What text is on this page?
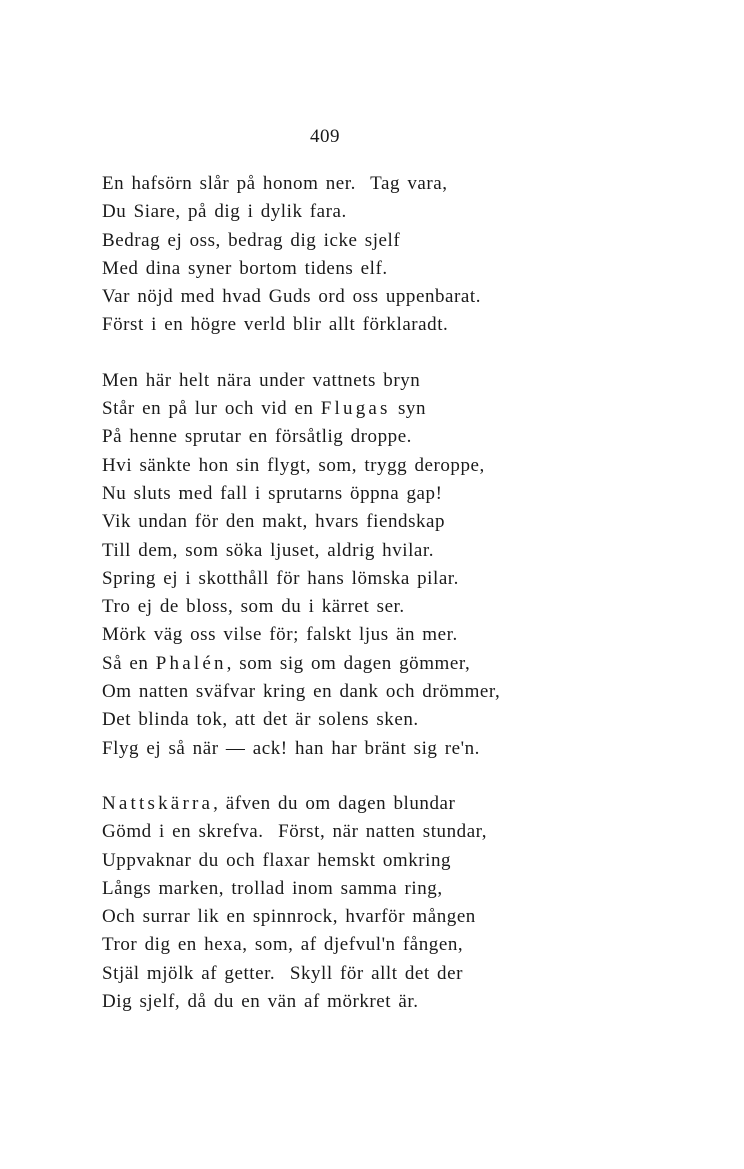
409
En hafsörn slår på honom ner.  Tag vara,
Du Siare, på dig i dylik fara.
Bedrag ej oss, bedrag dig icke sjelf
Med dina syner bortom tidens elf.
Var nöjd med hvad Guds ord oss uppenbarat.
Först i en högre verld blir allt förklaradt.
Men här helt nära under vattnets bryn
Står en på lur och vid en Flugas syn
På henne sprutar en försåtlig droppe.
Hvi sänkte hon sin flygt, som, trygg deroppe,
Nu sluts med fall i sprutarns öppna gap!
Vik undan för den makt, hvars fiendskap
Till dem, som söka ljuset, aldrig hvilar.
Spring ej i skotthåll för hans lömska pilar.
Tro ej de bloss, som du i kärret ser.
Mörk väg oss vilse för; falskt ljus än mer.
Så en Phalén, som sig om dagen gömmer,
Om natten sväfvar kring en dank och drömmer,
Det blinda tok, att det är solens sken.
Flyg ej så när — ack! han har bränt sig re'n.
Nattskärra, äfven du om dagen blundar
Gömd i en skrefva.  Först, när natten stundar,
Uppvaknar du och flaxar hemskt omkring
Långs marken, trollad inom samma ring,
Och surrar lik en spinnrock, hvarför mången
Tror dig en hexa, som, af djefvul'n fången,
Stjäl mjölk af getter.  Skyll för allt det der
Dig sjelf, då du en vän af mörkret är.
